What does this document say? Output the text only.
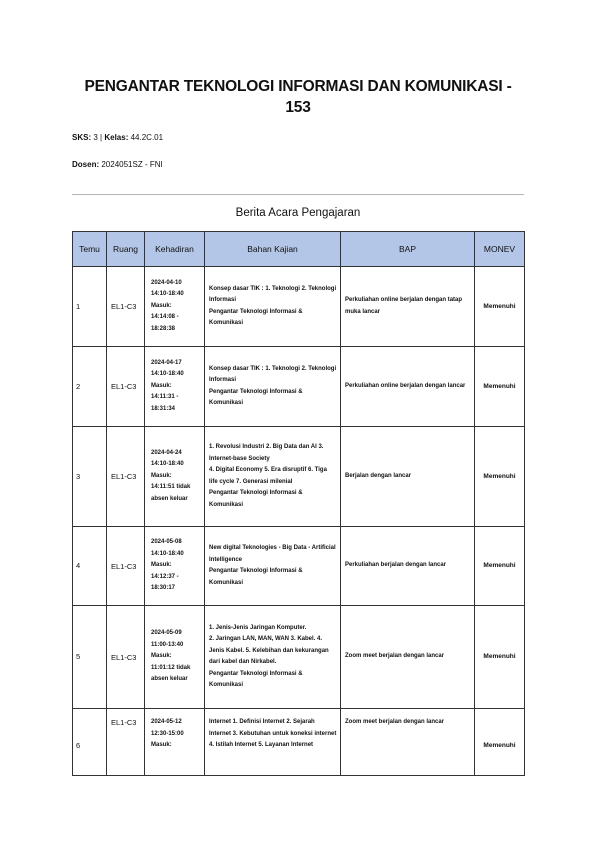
PENGANTAR TEKNOLOGI INFORMASI DAN KOMUNIKASI - 153

SKS: 3 | Kelas: 44.2C.01

Dosen: 2024051SZ - FNI

Berita Acara Pengajaran
Temu	Ruang	Kehadiran	Bahan Kajian	BAP	MONEV
1	EL1-C3	2024-04-10
14:10-18:40
Masuk:
14:14:08 -
18:28:38	Konsep dasar TIK : 1. Teknologi 2. Teknologi Informasi
Pengantar Teknologi Informasi & Komunikasi	Perkuliahan online berjalan dengan tatap muka lancar	Memenuhi
2	EL1-C3	2024-04-17
14:10-18:40
Masuk:
14:11:31 -
18:31:34	Konsep dasar TIK : 1. Teknologi 2. Teknologi Informasi
Pengantar Teknologi Informasi & Komunikasi	Perkuliahan online berjalan dengan lancar	Memenuhi
3	EL1-C3	2024-04-24
14:10-18:40
Masuk:
14:11:51 tidak
absen keluar	1. Revolusi Industri 2. Big Data dan AI 3. Internet-base Society
4. Digital Economy 5. Era disruptif 6. Tiga life cycle 7. Generasi milenial
Pengantar Teknologi Informasi & Komunikasi	Berjalan dengan lancar	Memenuhi
4	EL1-C3	2024-05-08
14:10-18:40
Masuk:
14:12:37 -
18:30:17	New digital Teknologies - Big Data - Artificial Intelligence
Pengantar Teknologi Informasi & Komunikasi	Perkuliahan berjalan dengan lancar	Memenuhi
5	EL1-C3	2024-05-09
11:00-13:40
Masuk:
11:01:12 tidak
absen keluar	1. Jenis-Jenis Jaringan Komputer.
2. Jaringan LAN, MAN, WAN 3. Kabel. 4. Jenis Kabel. 5. Kelebihan dan kekurangan dari kabel dan Nirkabel.
Pengantar Teknologi Informasi & Komunikasi	Zoom meet berjalan dengan lancar	Memenuhi
6	EL1-C3	2024-05-12
12:30-15:00
Masuk:	Internet 1. Definisi Internet 2. Sejarah Internet 3. Kebutuhan untuk koneksi internet 4. Istilah Internet 5. Layanan Internet	Zoom meet berjalan dengan lancar	Memenuhi
